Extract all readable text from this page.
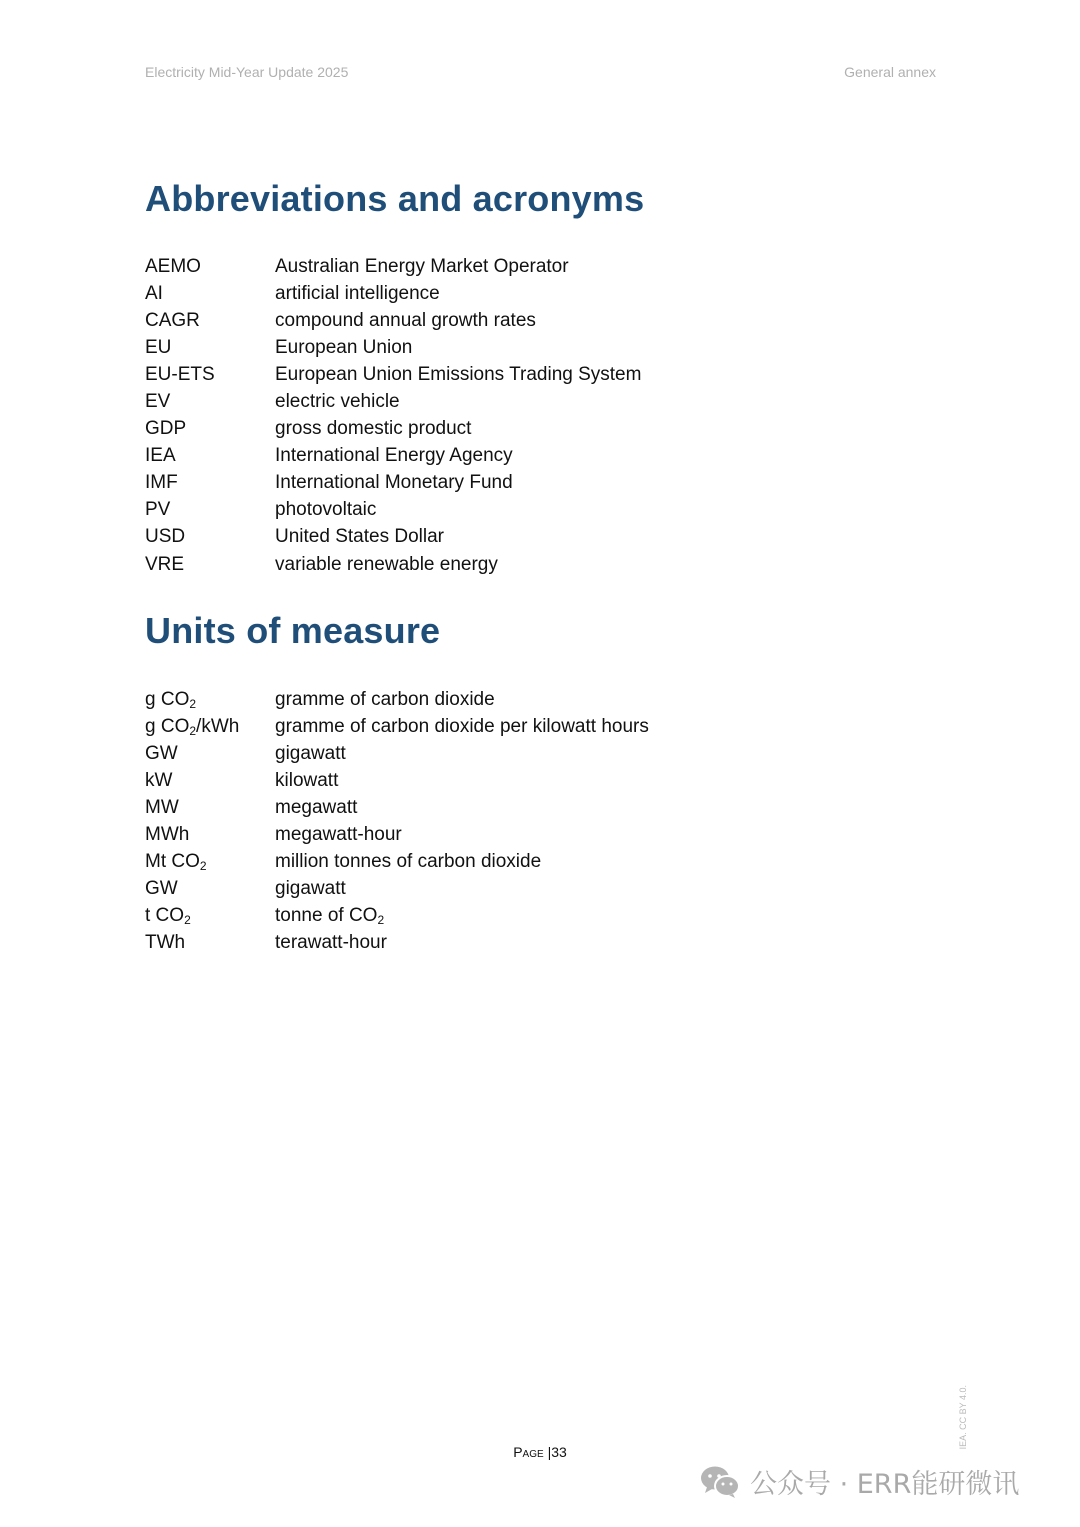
Electricity Mid-Year Update 2025	General annex
Abbreviations and acronyms
AEMO	Australian Energy Market Operator
AI	artificial intelligence
CAGR	compound annual growth rates
EU	European Union
EU-ETS	European Union Emissions Trading System
EV	electric vehicle
GDP	gross domestic product
IEA	International Energy Agency
IMF	International Monetary Fund
PV	photovoltaic
USD	United States Dollar
VRE	variable renewable energy
Units of measure
g $CO_2$	gramme of carbon dioxide
g $CO_2$/kWh	gramme of carbon dioxide per kilowatt hours
GW	gigawatt
kW	kilowatt
MW	megawatt
MWh	megawatt-hour
Mt $CO_2$	million tonnes of carbon dioxide
GW	gigawatt
t $CO_2$	tonne of $CO_2$
TWh	terawatt-hour
Page |33
IEA. CC BY 4.0.
公众号 · ERR能研微讯
